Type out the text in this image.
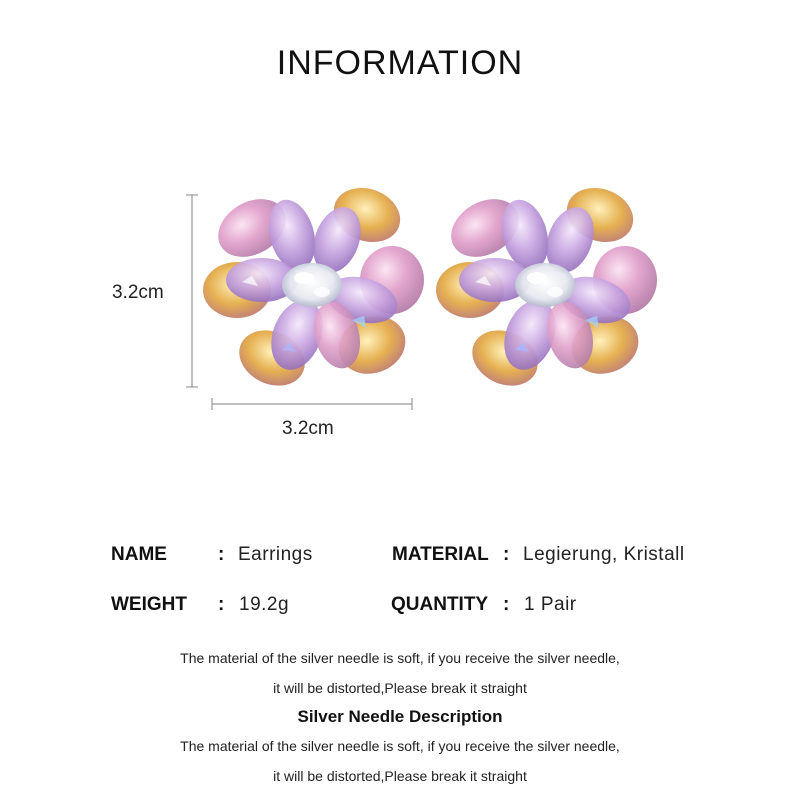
INFORMATION
3.2cm
3.2cm
NAME	: Earrings	MATERIAL : Legierung, Kristall
WEIGHT : 19.2g	QUANTITY : 1 Pair
The material of the silver needle is soft, if you receive the silver needle,
it will be distorted,Please break it straight
Silver Needle Description
The material of the silver needle is soft, if you receive the silver needle,
it will be distorted,Please break it straight
